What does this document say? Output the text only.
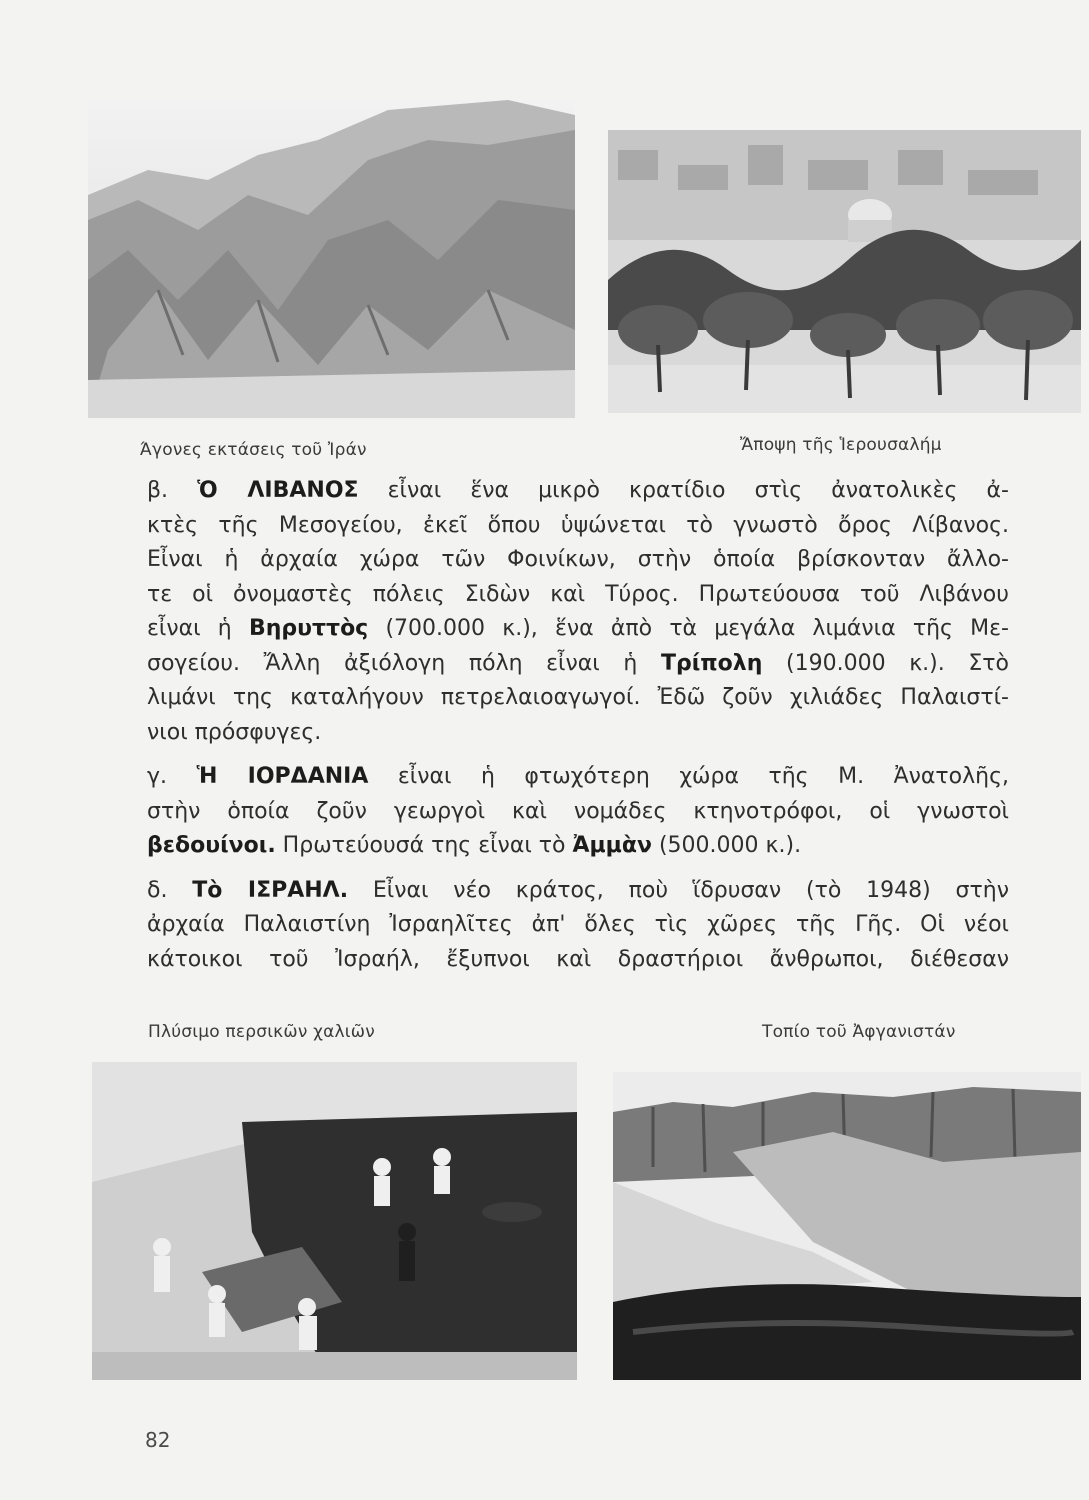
Άγονες εκτάσεις τοῦ Ἰράν	Ἄποψη τῆς Ἱερουσαλήμ

β. Ὁ ΛΙΒΑΝΟΣ εἶναι ἕνα μικρὸ κρατίδιο στὶς ἀνατολικὲς ἀ-
κτὲς τῆς Μεσογείου, ἐκεῖ ὅπου ὑψώνεται τὸ γνωστὸ ὄρος Λίβανος.
Εἶναι ἡ ἀρχαία χώρα τῶν Φοινίκων, στὴν ὁποία βρίσκονταν ἄλλο-
τε οἱ ὀνομαστὲς πόλεις Σιδὼν καὶ Τύρος. Πρωτεύουσα τοῦ Λιβάνου
εἶναι ἡ Βηρυττὸς (700.000 κ.), ἕνα ἀπὸ τὰ μεγάλα λιμάνια τῆς Με-
σογείου. Ἄλλη ἀξιόλογη πόλη εἶναι ἡ Τρίπολη (190.000 κ.). Στὸ
λιμάνι της καταλήγουν πετρελαιοαγωγοί. Ἐδῶ ζοῦν χιλιάδες Παλαιστί-
νιοι πρόσφυγες.

γ. Ἡ ΙΟΡΔΑΝΙΑ εἶναι ἡ φτωχότερη χώρα τῆς Μ. Ἀνατολῆς,
στὴν ὁποία ζοῦν γεωργοὶ καὶ νομάδες κτηνοτρόφοι, οἱ γνωστοὶ
βεδουίνοι. Πρωτεύουσά της εἶναι τὸ Ἀμμὰν (500.000 κ.).

δ. Τὸ ΙΣΡΑΗΛ. Εἶναι νέο κράτος, ποὺ ἵδρυσαν (τὸ 1948) στὴν
ἀρχαία Παλαιστίνη Ἰσραηλῖτες ἀπ' ὅλες τὶς χῶρες τῆς Γῆς. Οἱ νέοι
κάτοικοι τοῦ Ἰσραήλ, ἔξυπνοι καὶ δραστήριοι ἄνθρωποι, διέθεσαν

Πλύσιμο περσικῶν χαλιῶν	Τοπίο τοῦ Ἀφγανιστάν
82
